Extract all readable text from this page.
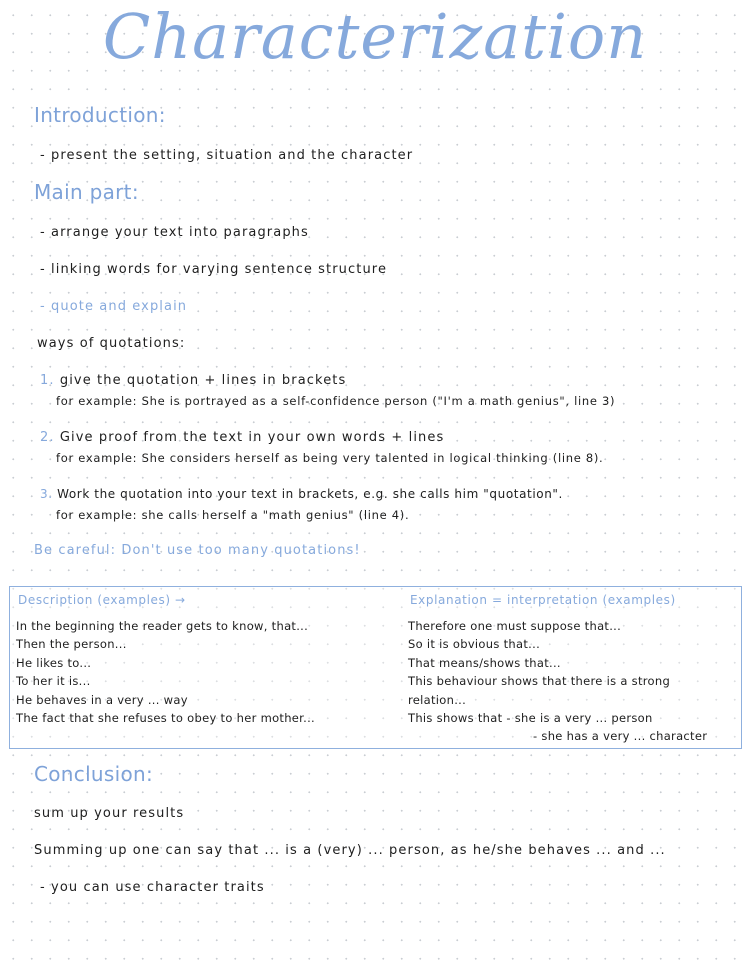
Characterization
Introduction:
- present the setting, situation and the character
Main part:
- arrange your text into paragraphs
- linking words for varying sentence structure
- quote and explain
ways of quotations:
1. give the quotation + lines in brackets
for example: She is portrayed as a self-confidence person ("I'm a math genius", line 3)
2. Give proof from the text in your own words + lines
for example: She considers herself as being very talented in logical thinking (line 8).
3. Work the quotation into your text in brackets, e.g. she calls him "quotation".
for example: she calls herself a "math genius" (line 4).
Be careful: Don't use too many quotations!
Description (examples) →	Explanation = interpretation (examples)
In the beginning the reader gets to know, that...
Then the person...
He likes to...
To her it is...
He behaves in a very ... way
The fact that she refuses to obey to her mother...
Therefore one must suppose that...
So it is obvious that...
That means/shows that...
This behaviour shows that there is a strong
relation...
This shows that - she is a very ... person
- she has a very ... character
Conclusion:
sum up your results
Summing up one can say that ... is a (very) ... person, as he/she behaves ... and ...
- you can use character traits
